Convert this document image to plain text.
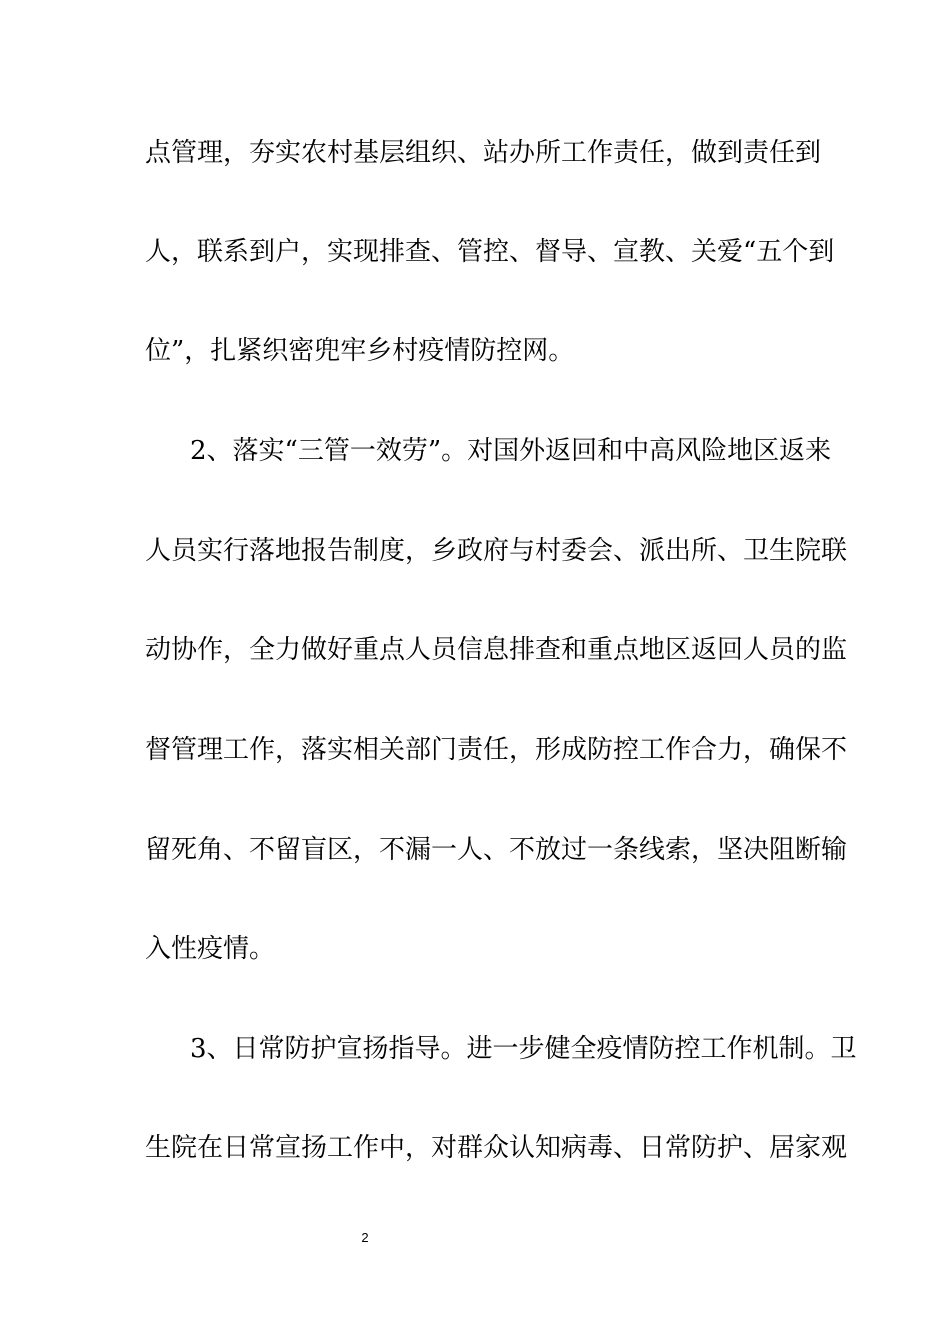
点管理，夯实农村基层组织、站办所工作责任，做到责任到
人，联系到户，实现排查、管控、督导、宣教、关爱“五个到
位”，扎紧织密兜牢乡村疫情防控网。
2、落实“三管一效劳”。对国外返回和中高风险地区返来
人员实行落地报告制度，乡政府与村委会、派出所、卫生院联
动协作，全力做好重点人员信息排查和重点地区返回人员的监
督管理工作，落实相关部门责任，形成防控工作合力，确保不
留死角、不留盲区，不漏一人、不放过一条线索，坚决阻断输
入性疫情。
3、日常防护宣扬指导。进一步健全疫情防控工作机制。卫
生院在日常宣扬工作中，对群众认知病毒、日常防护、居家观
2
